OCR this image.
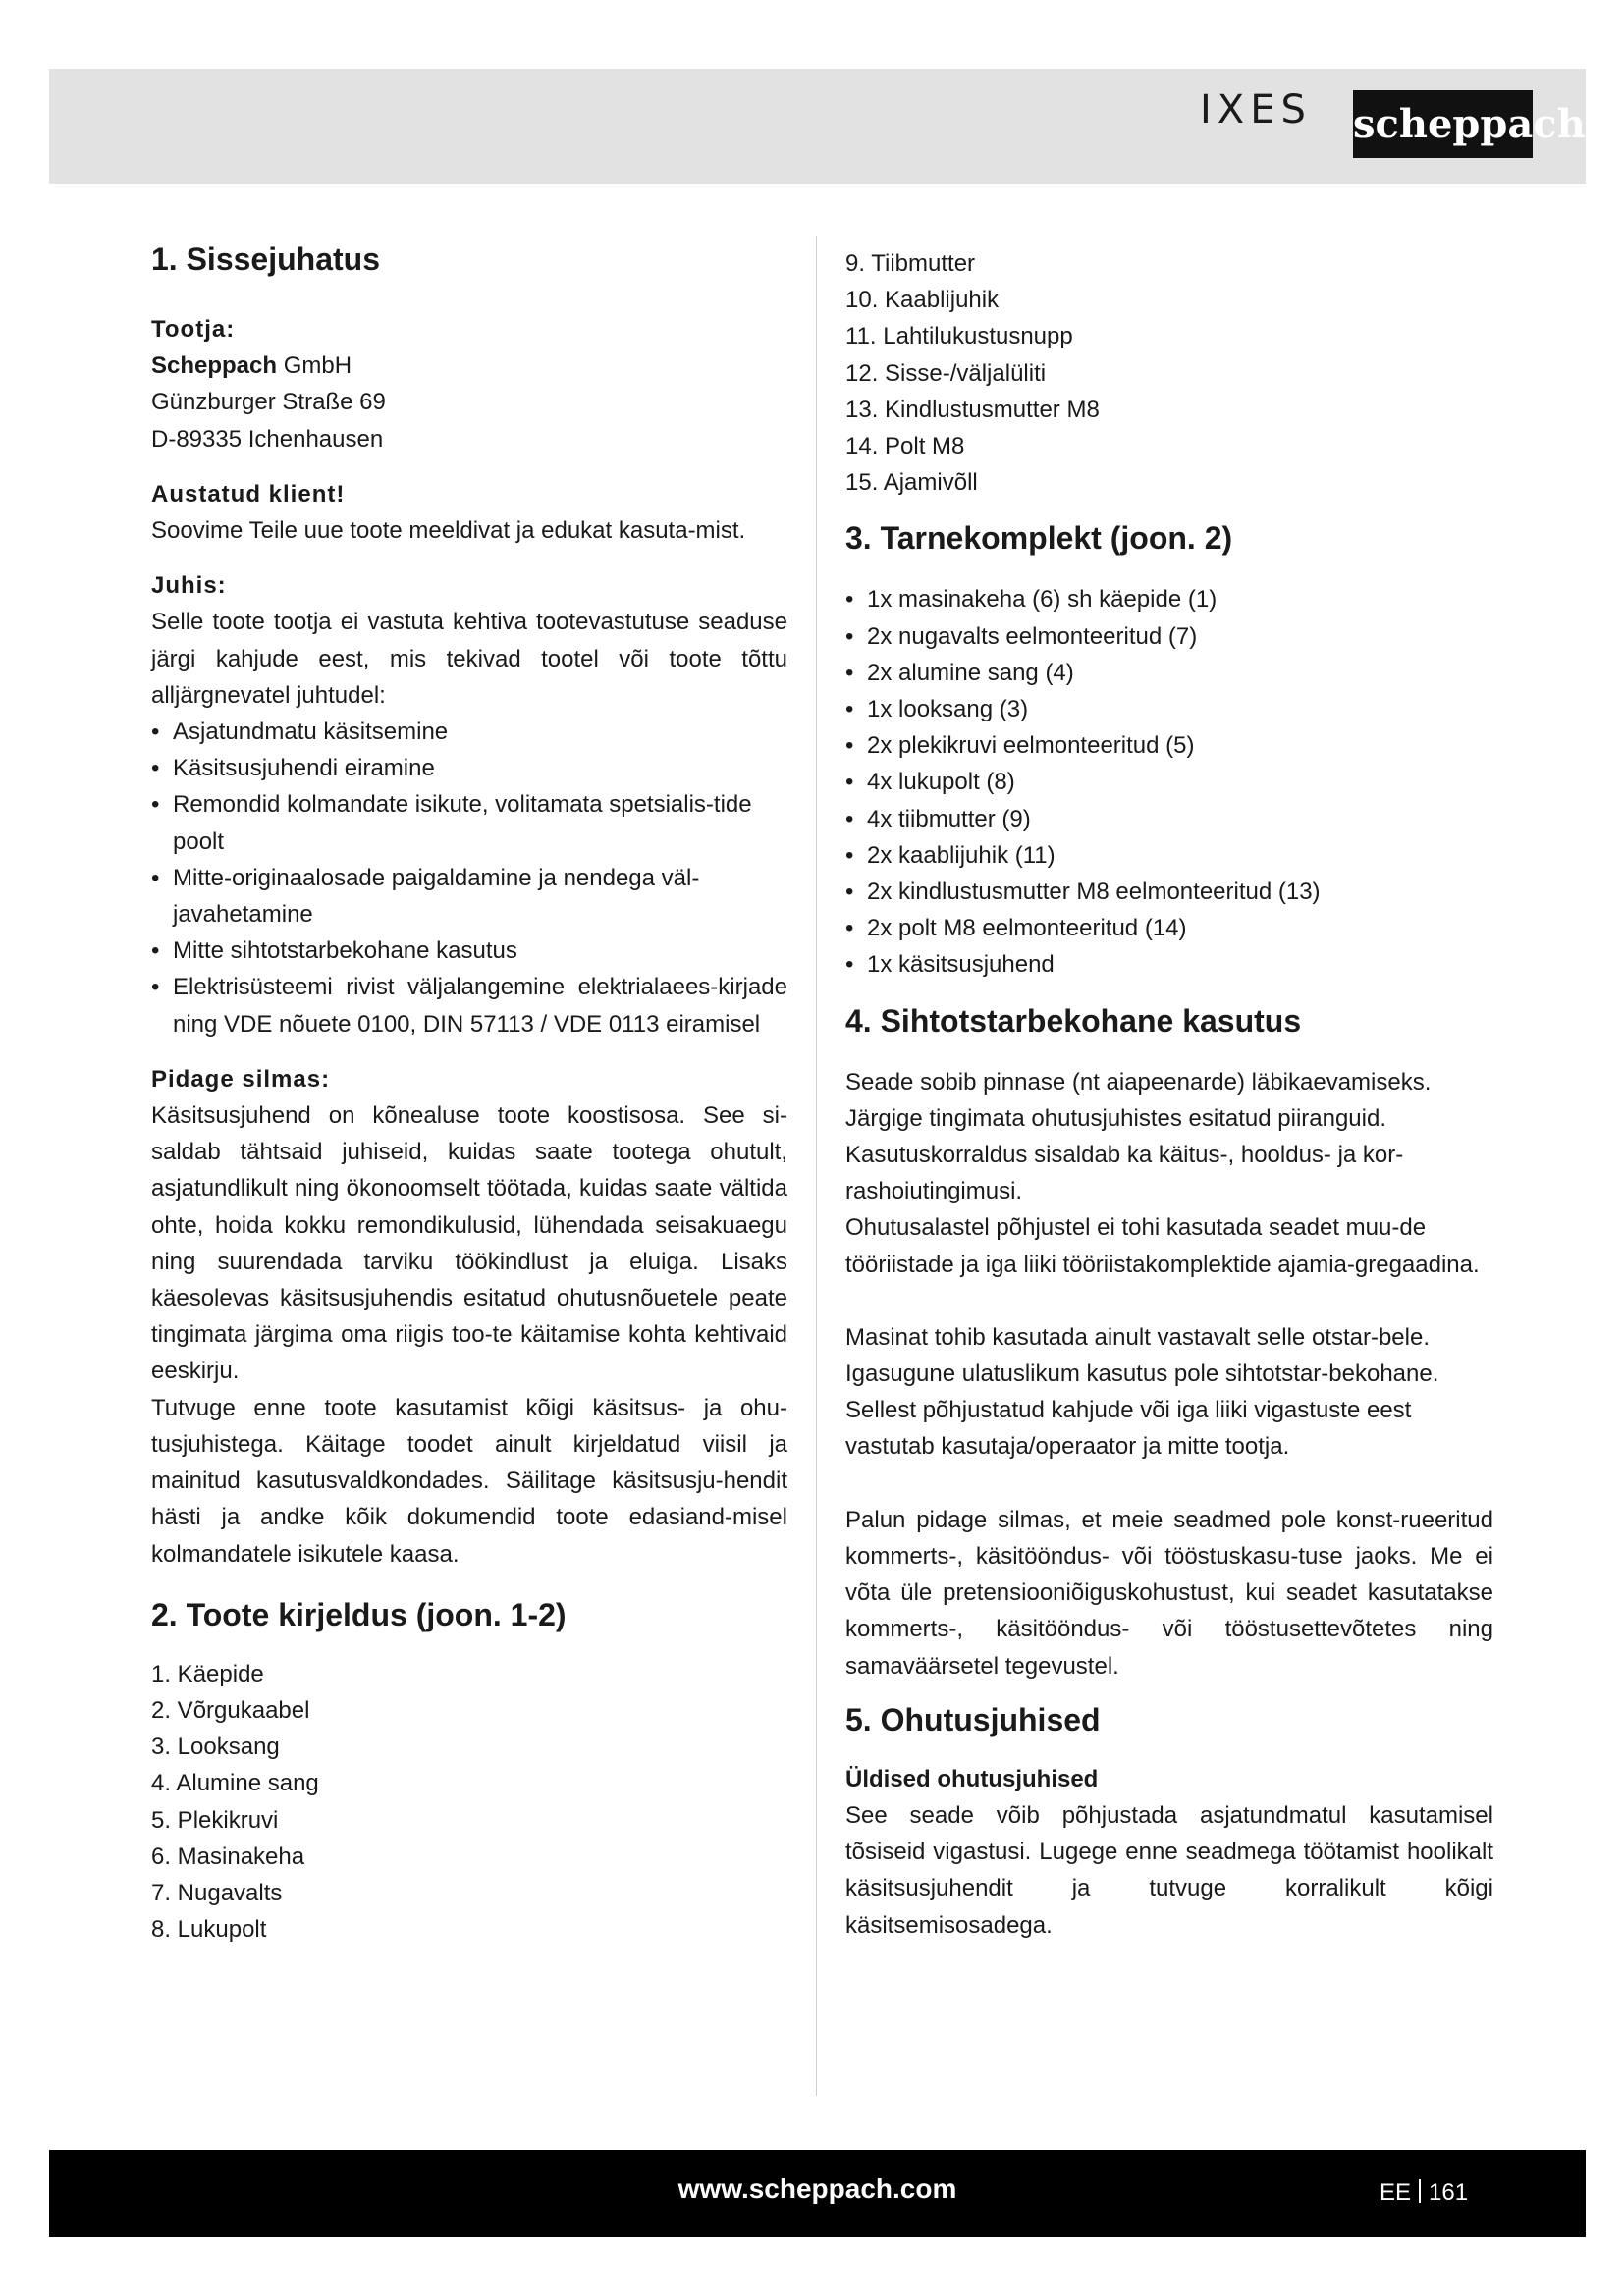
IXES scheppach
1. Sissejuhatus
Tootja:
Scheppach GmbH
Günzburger Straße 69
D-89335 Ichenhausen
Austatud klient!

Soovime Teile uue toote meeldivat ja edukat kasuta-mist.

Juhis:

Selle toote tootja ei vastuta kehtiva tootevastutuse seaduse järgi kahjude eest, mis tekivad tootel või toote tõttu alljärgnevatel juhtudel:

• Asjatundmatu käsitsemine
• Käsitsusjuhendi eiramine
• Remondid kolmandate isikute, volitamata spetsialis-tide poolt
• Mitte-originaalosade paigaldamine ja nendega väl-javahetamine
• Mitte sihtotstarbekohane kasutus
• Elektrisüsteemi rivist väljalangemine elektrialaees-kirjade ning VDE nõuete 0100, DIN 57113 / VDE 0113 eiramisel
Pidage silmas:

Käsitsusjuhend on kõnealuse toote koostisosa. See si-saldab tähtsaid juhiseid, kuidas saate tootega ohutult, asjatundlikult ning ökonoomselt töötada, kuidas saate vältida ohte, hoida kokku remondikulusid, lühendada seisakuaegu ning suurendada tarviku töökindlust ja eluiga. Lisaks käesolevas käsitsusjuhendis esitatud ohutusnõuetele peate tingimata järgima oma riigis too-te käitamise kohta kehtivaid eeskirju.

Tutvuge enne toote kasutamist kõigi käsitsus- ja ohu-tusjuhistega. Käitage toodet ainult kirjeldatud viisil ja mainitud kasutusvaldkondades. Säilitage käsitsusju-hendit hästi ja andke kõik dokumendid toote edasiand-misel kolmandatele isikutele kaasa.

2. Toote kirjeldus (joon. 1-2)
1. Käepide
2. Võrgukaabel
3. Looksang
4. Alumine sang
5. Plekikruvi
6. Masinakeha
7. Nugavalts
8. Lukupolt
9. Tiibmutter
10. Kaablijuhik
11. Lahtilukustusnupp
12. Sisse-/väljalüliti
13. Kindlustusmutter M8
14. Polt M8
15. Ajamivõll
3. Tarnekomplekt (joon. 2)
• 1x masinakeha (6) sh käepide (1)
• 2x nugavalts eelmonteeritud (7)
• 2x alumine sang (4)
• 1x looksang (3)
• 2x plekikruvi eelmonteeritud (5)
• 4x lukupolt (8)
• 4x tiibmutter (9)
• 2x kaablijuhik (11)
• 2x kindlustusmutter M8 eelmonteeritud (13)
• 2x polt M8 eelmonteeritud (14)
• 1x käsitsusjuhend
4. Sihtotstarbekohane kasutus

Seade sobib pinnase (nt aiapeenarde) läbikaevamiseks. Järgige tingimata ohutusjuhistes esitatud piiranguid. Kasutuskorraldus sisaldab ka käitus-, hooldus- ja kor-rashoiutingimusi.

Ohutusalastel põhjustel ei tohi kasutada seadet muu-de tööriistade ja iga liiki tööriistakomplektide ajamia-gregaadina.

Masinat tohib kasutada ainult vastavalt selle otstar-bele. Igasugune ulatuslikum kasutus pole sihtotstar-bekohane.

Sellest põhjustatud kahjude või iga liiki vigastuste eest vastutab kasutaja/operaator ja mitte tootja.

Palun pidage silmas, et meie seadmed pole konst-rueeritud kommerts-, käsitööndus- või tööstuskasu-tuse jaoks. Me ei võta üle pretensiooniõiguskohustust, kui seadet kasutatakse kommerts-, käsitööndus- või tööstusettevõtetes ning samaväärsetel tegevustel.

5. Ohutusjuhised
Üldised ohutusjuhised

See seade võib põhjustada asjatundmatul kasutamisel tõsiseid vigastusi. Lugege enne seadmega töötamist hoolikalt käsitsusjuhendit ja tutvuge korralikult kõigi käsitsemisosadega.

www.scheppach.com	EE 161
